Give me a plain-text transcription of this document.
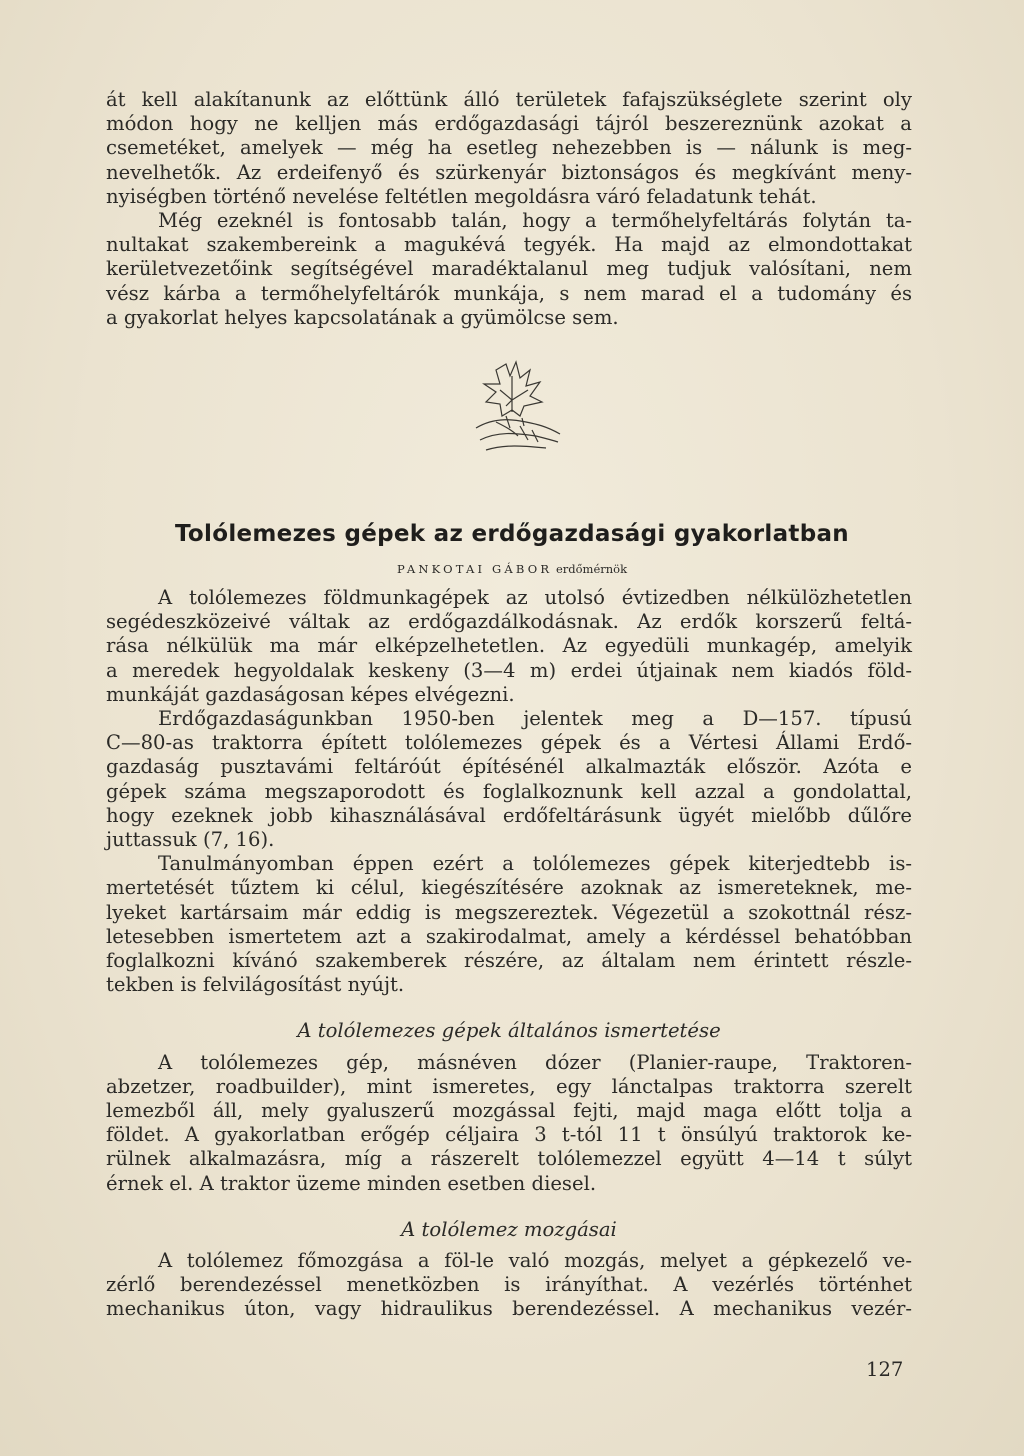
át kell alakítanunk az előttünk álló területek fafajszükséglete szerint oly
módon hogy ne kelljen más erdőgazdasági tájról beszereznünk azokat a
csemetéket, amelyek — még ha esetleg nehezebben is — nálunk is meg-
nevelhetők. Az erdeifenyő és szürkenyár biztonságos és megkívánt meny-
nyiségben történő nevelése feltétlen megoldásra váró feladatunk tehát.
Még ezeknél is fontosabb talán, hogy a termőhelyfeltárás folytán ta-
nultakat szakembereink a magukévá tegyék. Ha majd az elmondottakat
kerületvezetőink segítségével maradéktalanul meg tudjuk valósítani, nem
vész kárba a termőhelyfeltárók munkája, s nem marad el a tudomány és
a gyakorlat helyes kapcsolatának a gyümölcse sem.
Tolólemezes gépek az erdőgazdasági gyakorlatban
PANKOTAI GÁBOR erdőmérnök
A tolólemezes földmunkagépek az utolsó évtizedben nélkülözhetetlen
segédeszközeivé váltak az erdőgazdálkodásnak. Az erdők korszerű feltá-
rása nélkülük ma már elképzelhetetlen. Az egyedüli munkagép, amelyik
a meredek hegyoldalak keskeny (3—4 m) erdei útjainak nem kiadós föld-
munkáját gazdaságosan képes elvégezni.
Erdőgazdaságunkban 1950-ben jelentek meg a D—157. típusú
C—80-as traktorra épített tolólemezes gépek és a Vértesi Állami Erdő-
gazdaság pusztavámi feltáróút építésénél alkalmazták először. Azóta e
gépek száma megszaporodott és foglalkoznunk kell azzal a gondolattal,
hogy ezeknek jobb kihasználásával erdőfeltárásunk ügyét mielőbb dűlőre
juttassuk (7, 16).
Tanulmányomban éppen ezért a tolólemezes gépek kiterjedtebb is-
mertetését tűztem ki célul, kiegészítésére azoknak az ismereteknek, me-
lyeket kartársaim már eddig is megszereztek. Végezetül a szokottnál rész-
letesebben ismertetem azt a szakirodalmat, amely a kérdéssel behatóbban
foglalkozni kívánó szakemberek részére, az általam nem érintett részle-
tekben is felvilágosítást nyújt.
A tolólemezes gépek általános ismertetése
A tolólemezes gép, másnéven dózer (Planier-raupe, Traktoren-
abzetzer, roadbuilder), mint ismeretes, egy lánctalpas traktorra szerelt
lemezből áll, mely gyaluszerű mozgással fejti, majd maga előtt tolja a
földet. A gyakorlatban erőgép céljaira 3 t-tól 11 t önsúlyú traktorok ke-
rülnek alkalmazásra, míg a rászerelt tolólemezzel együtt 4—14 t súlyt
érnek el. A traktor üzeme minden esetben diesel.
A tolólemez mozgásai
A tolólemez főmozgása a föl-le való mozgás, melyet a gépkezelő ve-
zérlő berendezéssel menetközben is irányíthat. A vezérlés történhet
mechanikus úton, vagy hidraulikus berendezéssel. A mechanikus vezér-
127
